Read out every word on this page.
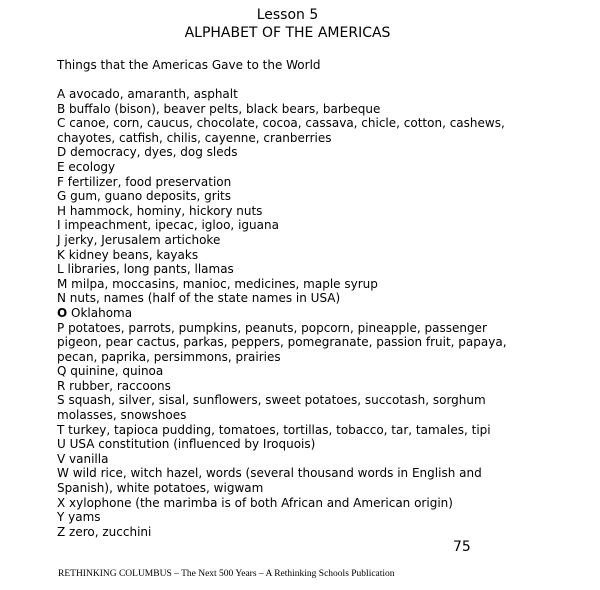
Lesson 5
ALPHABET OF THE AMERICAS
Things that the Americas Gave to the World
A avocado, amaranth, asphalt
B buffalo (bison), beaver pelts, black bears, barbeque
C canoe, corn, caucus, chocolate, cocoa, cassava, chicle, cotton, cashews,
chayotes, catfish, chilis, cayenne, cranberries
D democracy, dyes, dog sleds
E ecology
F fertilizer, food preservation
G gum, guano deposits, grits
H hammock, hominy, hickory nuts
I impeachment, ipecac, igloo, iguana
J jerky, Jerusalem artichoke
K kidney beans, kayaks
L libraries, long pants, llamas
M milpa, moccasins, manioc, medicines, maple syrup
N nuts, names (half of the state names in USA)
O Oklahoma
P potatoes, parrots, pumpkins, peanuts, popcorn, pineapple, passenger
pigeon, pear cactus, parkas, peppers, pomegranate, passion fruit, papaya,
pecan, paprika, persimmons, prairies
Q quinine, quinoa
R rubber, raccoons
S squash, silver, sisal, sunflowers, sweet potatoes, succotash, sorghum
molasses, snowshoes
T turkey, tapioca pudding, tomatoes, tortillas, tobacco, tar, tamales, tipi
U USA constitution (influenced by Iroquois)
V vanilla
W wild rice, witch hazel, words (several thousand words in English and
Spanish), white potatoes, wigwam
X xylophone (the marimba is of both African and American origin)
Y yams
Z zero, zucchini
75
RETHINKING COLUMBUS – The Next 500 Years – A Rethinking Schools Publication
